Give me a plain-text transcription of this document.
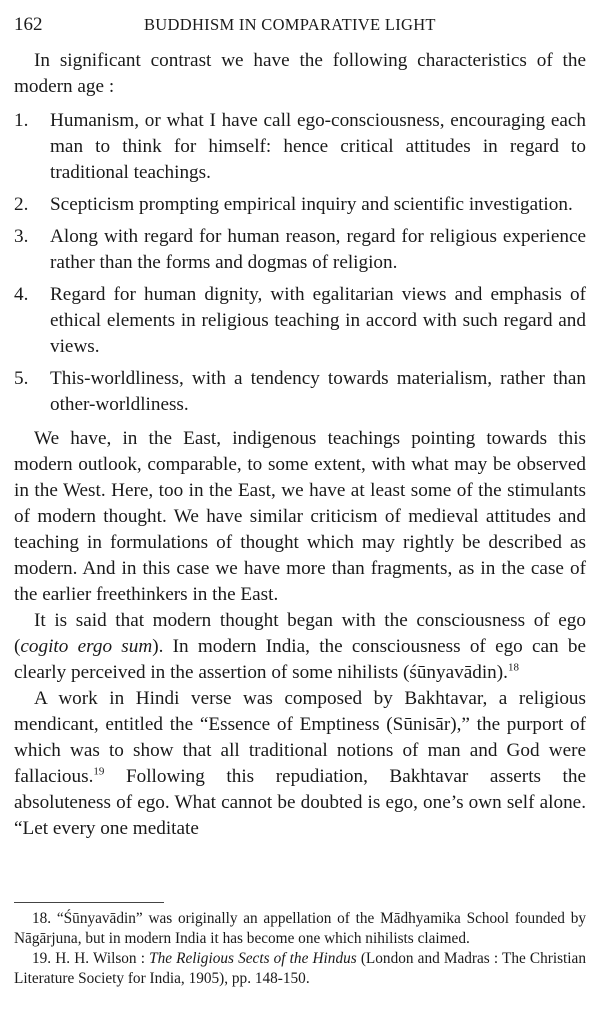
162	BUDDHISM IN COMPARATIVE LIGHT

In significant contrast we have the following characteristics of the modern age :

1.	Humanism, or what I have call ego-consciousness, encouraging each man to think for himself: hence critical attitudes in regard to traditional teachings.
2.	Scepticism prompting empirical inquiry and scientific investigation.
3.	Along with regard for human reason, regard for religious experience rather than the forms and dogmas of religion.
4.	Regard for human dignity, with egalitarian views and emphasis of ethical elements in religious teaching in accord with such regard and views.
5.	This-worldliness, with a tendency towards materialism, rather than other-worldliness.

We have, in the East, indigenous teachings pointing towards this modern outlook, comparable, to some extent, with what may be observed in the West. Here, too in the East, we have at least some of the stimulants of modern thought. We have similar criticism of medieval attitudes and teaching in formulations of thought which may rightly be described as modern. And in this case we have more than fragments, as in the case of the earlier freethinkers in the East.

It is said that modern thought began with the consciousness of ego (cogito ergo sum). In modern India, the consciousness of ego can be clearly perceived in the assertion of some nihilists (śūnyavādin).$^{18}$

A work in Hindi verse was composed by Bakhtavar, a religious mendicant, entitled the “Essence of Emptiness (Sūnisār),” the purport of which was to show that all traditional notions of man and God were fallacious.$^{19}$ Following this repudiation, Bakhtavar asserts the absoluteness of ego. What cannot be doubted is ego, one’s own self alone. “Let every one meditate

18. “Śūnyavādin” was originally an appellation of the Mādhyamika School founded by Nāgārjuna, but in modern India it has become one which nihilists claimed.
19. H. H. Wilson : The Religious Sects of the Hindus (London and Madras : The Christian Literature Society for India, 1905), pp. 148-150.
